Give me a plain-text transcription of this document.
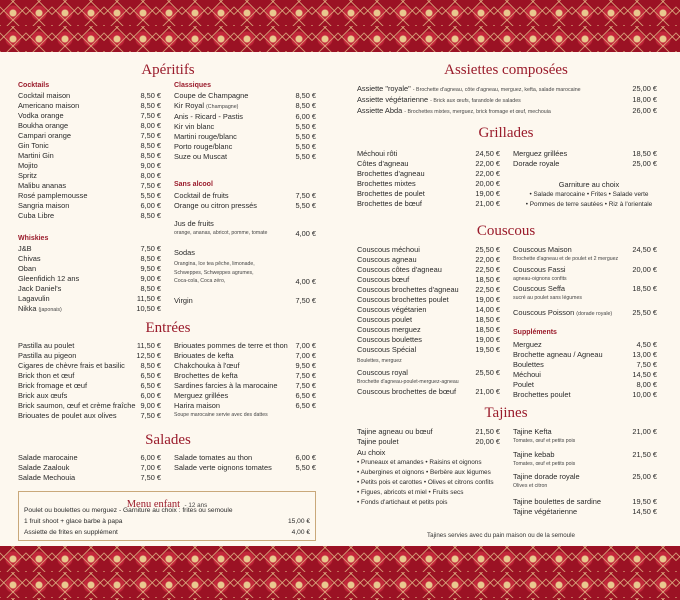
Apéritifs
Cocktails
Cocktail maison	8,50 €
Americano maison	8,50 €
Vodka orange	7,50 €
Boukha orange	8,00 €
Campari orange	7,50 €
Gin Tonic	8,50 €
Martini Gin	8,50 €
Mojito	9,00 €
Spritz	8,00 €
Malibu ananas	7,50 €
Rosé pamplemousse	5,50 €
Sangria maison	6,00 €
Cuba Libre	8,50 €
Whiskies
J&B	7,50 €
Chivas	8,50 €
Oban	9,50 €
Gleenfidich 12 ans	9,00 €
Jack Daniel's	8,50 €
Lagavulin	11,50 €
Nikka (japonais)	10,50 €
Classiques
Coupe de Champagne	8,50 €
Kir Royal (Champagne)	8,50 €
Anis - Ricard - Pastis	6,00 €
Kir vin blanc	5,50 €
Martini rouge/blanc	5,50 €
Porto rouge/blanc	5,50 €
Suze ou Muscat	5,50 €
Sans alcool
Cocktail de fruits	7,50 €
Orange ou citron pressés	5,50 €
Jus de fruits
orange, ananas, abricot, pomme, tomate	4,00 €
Sodas
Orangina, Ice tea pêche, limonade,
Schweppes, Schweppes agrumes,
Coca-cola, Coca zéro,	4,00 €
Virgin	7,50 €
Entrées
Pastilla au poulet	11,50 €
Pastilla au pigeon	12,50 €
Cigares de chèvre frais et basilic	8,50 €
Brick thon et œuf	6,50 €
Brick fromage et œuf	6,50 €
Brick aux œufs	6,00 €
Brick saumon, œuf et crème fraîche 9,00 €
Briouates de poulet aux olives	7,50 €
Briouates pommes de terre et thon	7,00 €
Briouates de kefta	7,00 €
Chakchouka à l'œuf	9,50 €
Brochettes de kefta	7,50 €
Sardines farcies à la marocaine	7,50 €
Merguez grillées	6,50 €
Harira maison	6,50 €
Soupe marocaine servie avec des dattes
Salades
Salade marocaine	6,00 €
Salade Zaalouk	7,00 €
Salade Mechouia	7,50 €
Salade tomates au thon	6,00 €
Salade verte oignons tomates	5,50 €
Menu enfant - 12 ans
Poulet ou boulettes ou merguez - Garniture au choix : frites ou semoule
1 fruit shoot + glace barbe à papa	15,00 €
Assiette de frites en supplément	4,00 €
Assiettes composées
Assiette "royale" - Brochette d'agneau, côte d'agneau, merguez, kefta, salade marocaine	25,00 €
Assiette végétarienne - Brick aux œufs, farandole de salades	18,00 €
Assiette Abda - Brochettes mixtes, merguez, brick fromage et œuf, mechouia	26,00 €
Grillades
Méchoui rôti	24,50 €
Côtes d'agneau	22,00 €
Brochettes d'agneau	22,00 €
Brochettes mixtes	20,00 €
Brochettes de poulet	19,00 €
Brochettes de bœuf	21,00 €
Merguez grillées	18,50 €
Dorade royale	25,00 €
Garniture au choix
• Salade marocaine • Frites • Salade verte
• Pommes de terre sautées • Riz à l'orientale
Couscous
Couscous méchoui	25,50 €
Couscous agneau	22,00 €
Couscous côtes d'agneau	22,50 €
Couscous bœuf	18,50 €
Couscous brochettes d'agneau	22,50 €
Couscous brochettes poulet	19,00 €
Couscous végétarien	14,00 €
Couscous poulet	18,50 €
Couscous merguez	18,50 €
Couscous boulettes	19,00 €
Couscous Spécial	19,50 €
Boulettes, merguez
Couscous royal	25,50 €
Brochette d'agneau-poulet-merguez-agneau
Couscous brochettes de bœuf	21,00 €
Couscous Maison	24,50 €
Brochette d'agneau et de poulet et 2 merguez
Couscous Fassi	20,00 €
agneau-oignons confits
Couscous Seffa	18,50 €
sucré au poulet sans légumes
Couscous Poisson (dorade royale)	25,50 €
Suppléments
Merguez	4,50 €
Brochette agneau / Agneau	13,00 €
Boulettes	7,50 €
Méchoui	14,50 €
Poulet	8,00 €
Brochettes poulet	10,00 €
Tajines
Tajine agneau ou bœuf	21,50 €
Tajine poulet	20,00 €
Au choix
• Pruneaux et amandes • Raisins et oignons
• Aubergines et oignons • Berbère aux légumes
• Petits pois et carottes • Olives et citrons confits
• Figues, abricots et miel • Fruits secs
• Fonds d'artichaut et petits pois
Tajine Kefta	21,00 €
Tomates, œuf et petits pois
Tajine kebab	21,50 €
Tomates, œuf et petits pois
Tajine dorade royale	25,00 €
Olives et citron
Tajine boulettes de sardine	19,50 €
Tajine végétarienne	14,50 €
Tajines servies avec du pain maison ou de la semoule
